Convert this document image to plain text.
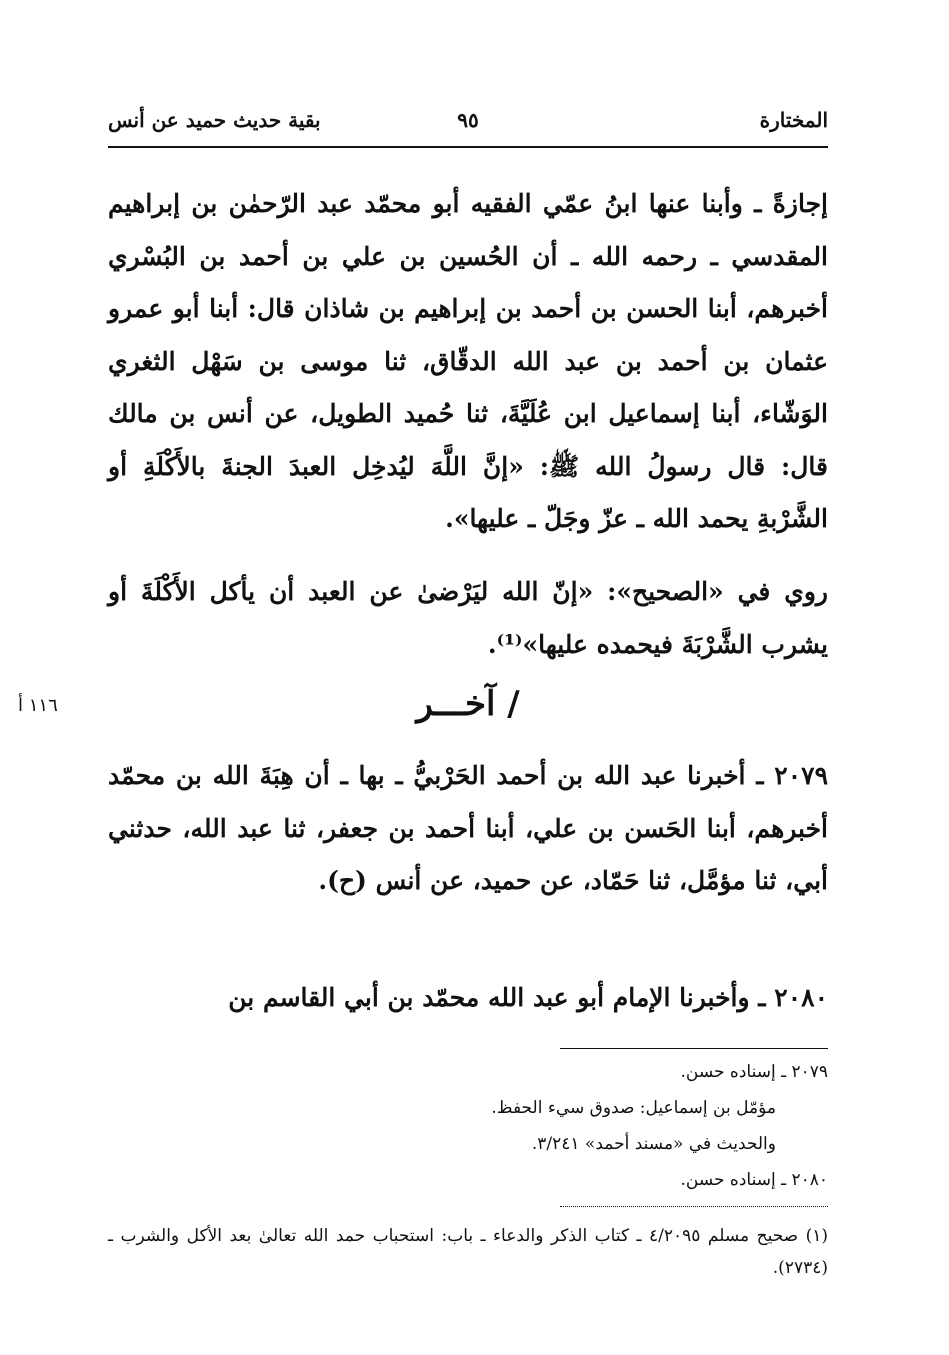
المختارة
٩٥
بقية حديث حميد عن أنس
إجازةً ـ وأبنا عنها ابنُ عمّي الفقيه أبو محمّد عبد الرّحمٰن بن إبراهيم المقدسي ـ رحمه الله ـ أن الحُسين بن علي بن أحمد بن البُسْري أخبرهم، أبنا الحسن بن أحمد بن إبراهيم بن شاذان قال: أبنا أبو عمرو عثمان بن أحمد بن عبد الله الدقّاق، ثنا موسى بن سَهْل الثغري الوَشّاء، أبنا إسماعيل ابن عُلَيَّةَ، ثنا حُميد الطويل، عن أنس بن مالك قال: قال رسولُ الله ﷺ: «إنَّ اللَّهَ ليُدخِل العبدَ الجنةَ بالأَكْلَةِ أو الشَّرْبةِ يحمد الله ـ عزّ وجَلّ ـ عليها».
روي في «الصحيح»: «إنّ الله ليَرْضىٰ عن العبد أن يأكل الأَكْلَةَ أو يشرب الشَّرْبَةَ فيحمده عليها»⁽¹⁾.
١١٦ أ	/ آخـــر
٢٠٧٩ ـ أخبرنا عبد الله بن أحمد الحَرْبيُّ ـ بها ـ أن هِبَةَ الله بن محمّد أخبرهم، أبنا الحَسن بن علي، أبنا أحمد بن جعفر، ثنا عبد الله، حدثني أبي، ثنا مؤمَّل، ثنا حَمّاد، عن حميد، عن أنس (ح).
٢٠٨٠ ـ وأخبرنا الإمام أبو عبد الله محمّد بن أبي القاسم بن
٢٠٧٩ ـ إسناده حسن.
مؤمّل بن إسماعيل: صدوق سيء الحفظ.
والحديث في «مسند أحمد» ٣/٢٤١.
٢٠٨٠ ـ إسناده حسن.
(١) صحيح مسلم ٤/٢٠٩٥ ـ كتاب الذكر والدعاء ـ باب: استحباب حمد الله تعالىٰ بعد الأكل والشرب ـ (٢٧٣٤).
